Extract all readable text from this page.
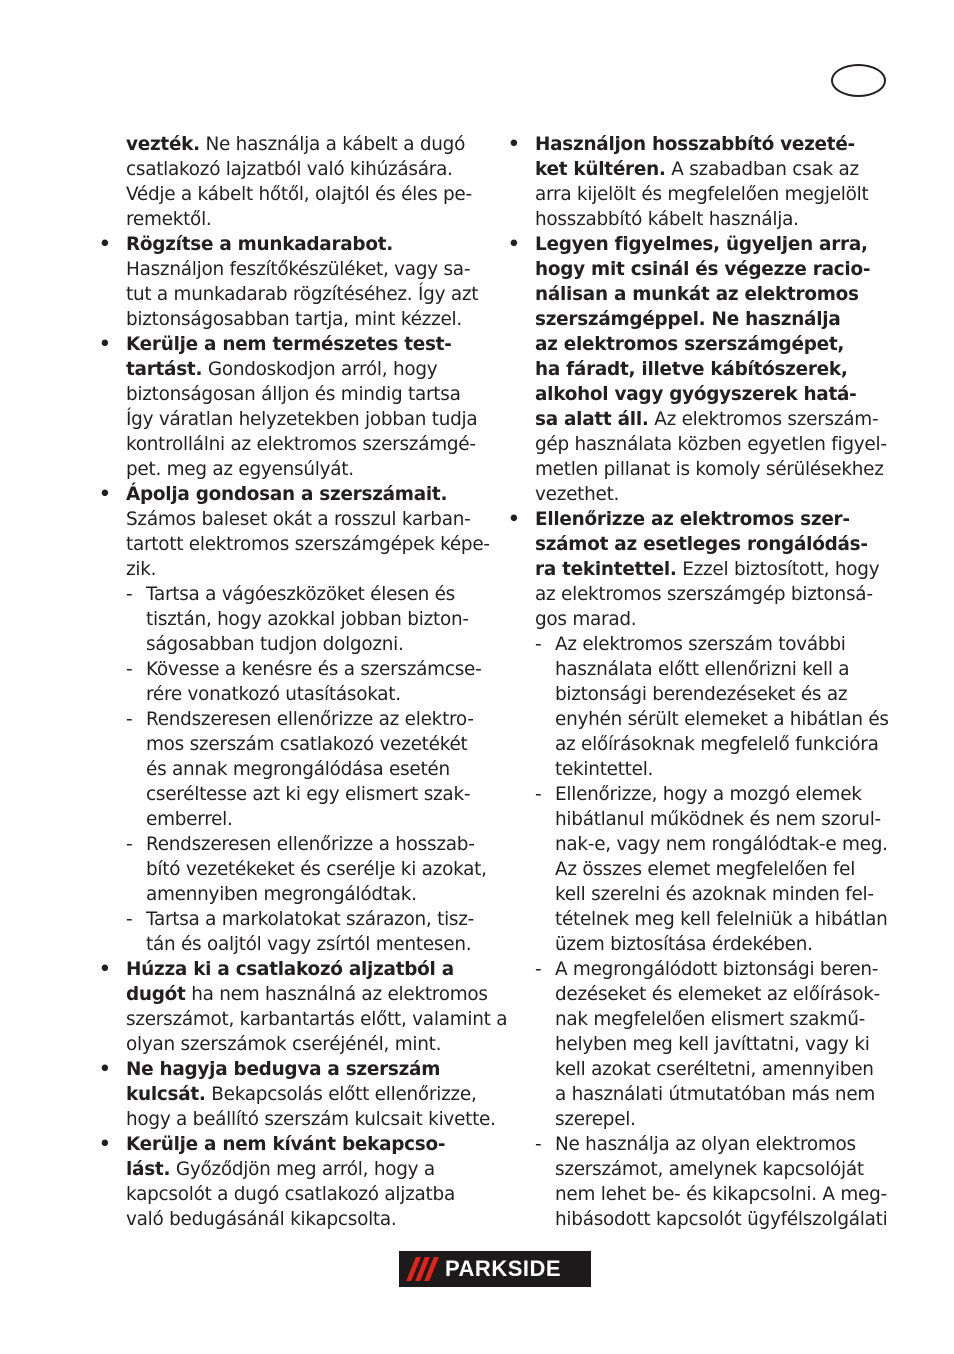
vezték. Ne használja a kábelt a dugó
csatlakozó lajzatból való kihúzására.
Védje a kábelt hőtől, olajtól és éles pe-
remektől.
• Rögzítse a munkadarabot.
Használjon feszítőkészüléket, vagy sa-
tut a munkadarab rögzítéséhez. Így azt
biztonságosabban tartja, mint kézzel.
• Kerülje a nem természetes test-
tartást. Gondoskodjon arról, hogy
biztonságosan álljon és mindig tartsa
Így váratlan helyzetekben jobban tudja
kontrollálni az elektromos szerszámgé-
pet. meg az egyensúlyát.
• Ápolja gondosan a szerszámait.
Számos baleset okát a rosszul karban-
tartott elektromos szerszámgépek képe-
zik.
- Tartsa a vágóeszközöket élesen és
tisztán, hogy azokkal jobban bizton-
ságosabban tudjon dolgozni.
- Kövesse a kenésre és a szerszámcse-
rére vonatkozó utasításokat.
- Rendszeresen ellenőrizze az elektro-
mos szerszám csatlakozó vezetékét
és annak megrongálódása esetén
cseréltesse azt ki egy elismert szak-
emberrel.
- Rendszeresen ellenőrizze a hosszab-
bító vezetékeket és cserélje ki azokat,
amennyiben megrongálódtak.
- Tartsa a markolatokat szárazon, tisz-
tán és oaljtól vagy zsírtól mentesen.
• Húzza ki a csatlakozó aljzatból a
dugót ha nem használná az elektromos
szerszámot, karbantartás előtt, valamint a
olyan szerszámok cseréjénél, mint.
• Ne hagyja bedugva a szerszám
kulcsát. Bekapcsolás előtt ellenőrizze,
hogy a beállító szerszám kulcsait kivette.
• Kerülje a nem kívánt bekapcso-
lást. Győződjön meg arról, hogy a
kapcsolót a dugó csatlakozó aljzatba
való bedugásánál kikapcsolta.
• Használjon hosszabbító vezeté-
ket kültéren. A szabadban csak az
arra kijelölt és megfelelően megjelölt
hosszabbító kábelt használja.
• Legyen figyelmes, ügyeljen arra,
hogy mit csinál és végezze racio-
nálisan a munkát az elektromos
szerszámgéppel. Ne használja
az elektromos szerszámgépet,
ha fáradt, illetve kábítószerek,
alkohol vagy gyógyszerek hatá-
sa alatt áll. Az elektromos szerszám-
gép használata közben egyetlen figyel-
metlen pillanat is komoly sérülésekhez
vezethet.
• Ellenőrizze az elektromos szer-
számot az esetleges rongálódás-
ra tekintettel. Ezzel biztosított, hogy
az elektromos szerszámgép biztonsá-
gos marad.
- Az elektromos szerszám további
használata előtt ellenőrizni kell a
biztonsági berendezéseket és az
enyhén sérült elemeket a hibátlan és
az előírásoknak megfelelő funkcióra
tekintettel.
- Ellenőrizze, hogy a mozgó elemek
hibátlanul működnek és nem szorul-
nak-e, vagy nem rongálódtak-e meg.
Az összes elemet megfelelően fel
kell szerelni és azoknak minden fel-
tételnek meg kell felelniük a hibátlan
üzem biztosítása érdekében.
- A megrongálódott biztonsági beren-
dezéseket és elemeket az előírások-
nak megfelelően elismert szakmű-
helyben meg kell javíttatni, vagy ki
kell azokat cseréltetni, amennyiben
a használati útmutatóban más nem
szerepel.
- Ne használja az olyan elektromos
szerszámot, amelynek kapcsolóját
nem lehet be- és kikapcsolni. A meg-
hibásodott kapcsolót ügyfélszolgálati
PARKSIDE
